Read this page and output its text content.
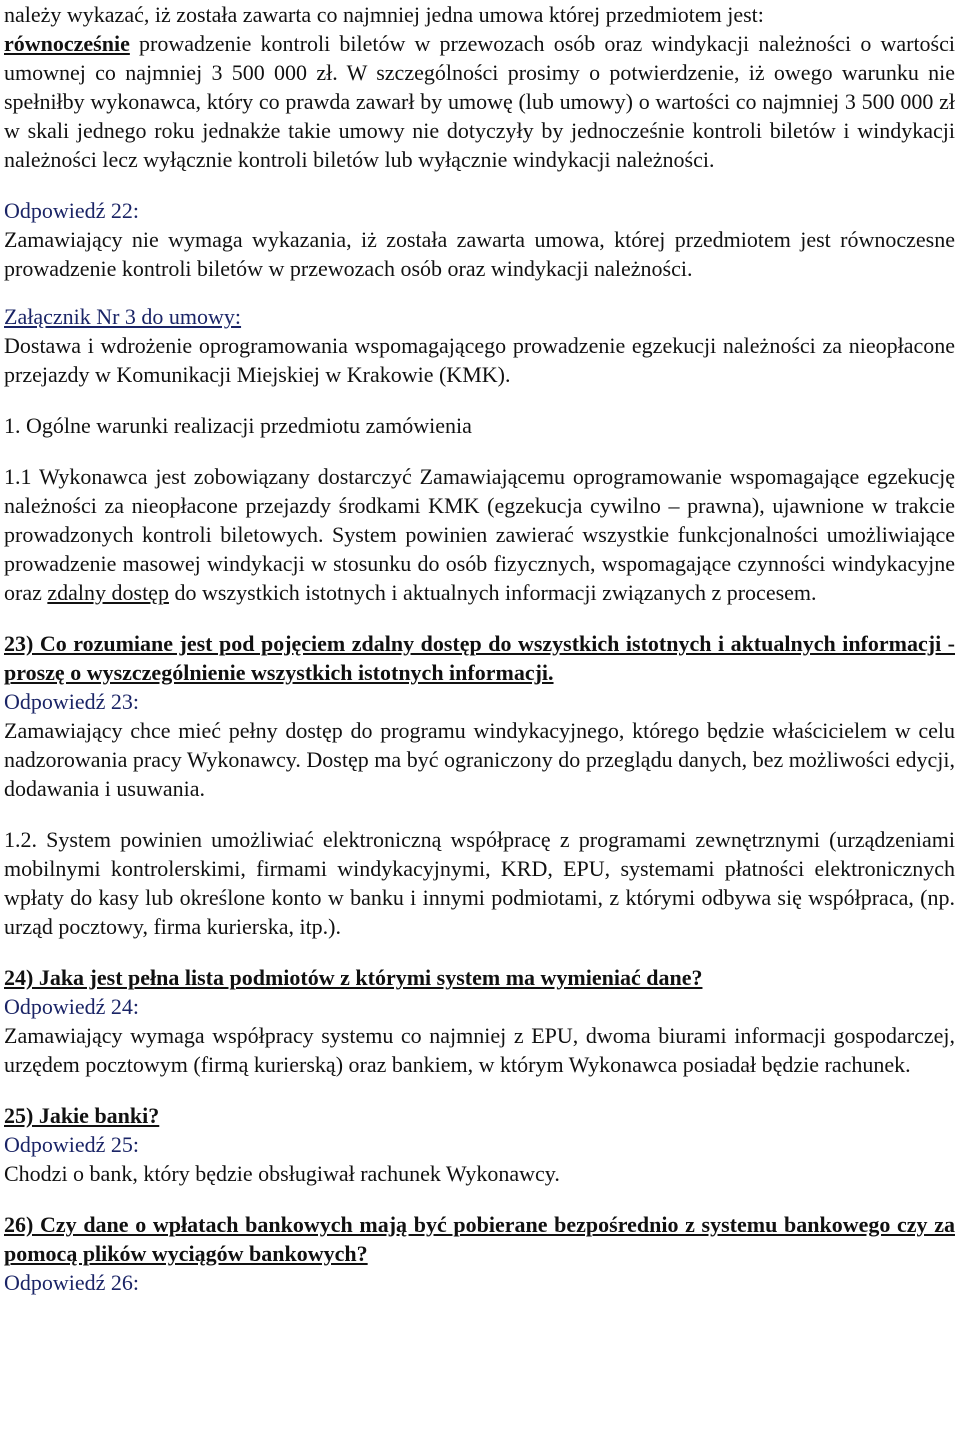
należy wykazać, iż została zawarta co najmniej jedna umowa której przedmiotem jest:
równocześnie prowadzenie kontroli biletów w przewozach osób oraz windykacji należności o wartości umownej co najmniej 3 500 000 zł. W szczególności prosimy o potwierdzenie, iż owego warunku nie spełniłby wykonawca, który co prawda zawarł by umowę (lub umowy) o wartości co najmniej 3 500 000 zł w skali jednego roku jednakże takie umowy nie dotyczyły by jednocześnie kontroli biletów i windykacji należności lecz wyłącznie kontroli biletów lub wyłącznie windykacji należności.

Odpowiedź 22:

Zamawiający nie wymaga wykazania, iż została zawarta umowa, której przedmiotem jest równoczesne prowadzenie kontroli biletów w przewozach osób oraz windykacji należności.

Załącznik Nr 3 do umowy:

Dostawa i wdrożenie oprogramowania wspomagającego prowadzenie egzekucji należności za nieopłacone przejazdy w Komunikacji Miejskiej w Krakowie (KMK).

1. Ogólne warunki realizacji przedmiotu zamówienia

1.1 Wykonawca jest zobowiązany dostarczyć Zamawiającemu oprogramowanie wspomagające egzekucję należności za nieopłacone przejazdy środkami KMK (egzekucja cywilno – prawna), ujawnione w trakcie prowadzonych kontroli biletowych. System powinien zawierać wszystkie funkcjonalności umożliwiające prowadzenie masowej windykacji w stosunku do osób fizycznych, wspomagające czynności windykacyjne oraz zdalny dostęp do wszystkich istotnych i aktualnych informacji związanych z procesem.

23) Co rozumiane jest pod pojęciem zdalny dostęp do wszystkich istotnych i aktualnych informacji - proszę o wyszczególnienie wszystkich istotnych informacji.

Odpowiedź 23:

Zamawiający chce mieć pełny dostęp do programu windykacyjnego, którego będzie właścicielem w celu nadzorowania pracy Wykonawcy. Dostęp ma być ograniczony do przeglądu danych, bez możliwości edycji, dodawania i usuwania.

1.2. System powinien umożliwiać elektroniczną współpracę z programami zewnętrznymi (urządzeniami mobilnymi kontrolerskimi, firmami windykacyjnymi, KRD, EPU, systemami płatności elektronicznych wpłaty do kasy lub określone konto w banku i innymi podmiotami, z którymi odbywa się współpraca, (np. urząd pocztowy, firma kurierska, itp.).

24) Jaka jest pełna lista podmiotów z którymi system ma wymieniać dane?

Odpowiedź 24:

Zamawiający wymaga współpracy systemu co najmniej z EPU, dwoma biurami informacji gospodarczej, urzędem pocztowym (firmą kurierską) oraz bankiem, w którym Wykonawca posiadał będzie rachunek.

25) Jakie banki?

Odpowiedź 25:

Chodzi o bank, który będzie obsługiwał rachunek Wykonawcy.

26) Czy dane o wpłatach bankowych mają być pobierane bezpośrednio z systemu bankowego czy za pomocą plików wyciągów bankowych?

Odpowiedź 26:
